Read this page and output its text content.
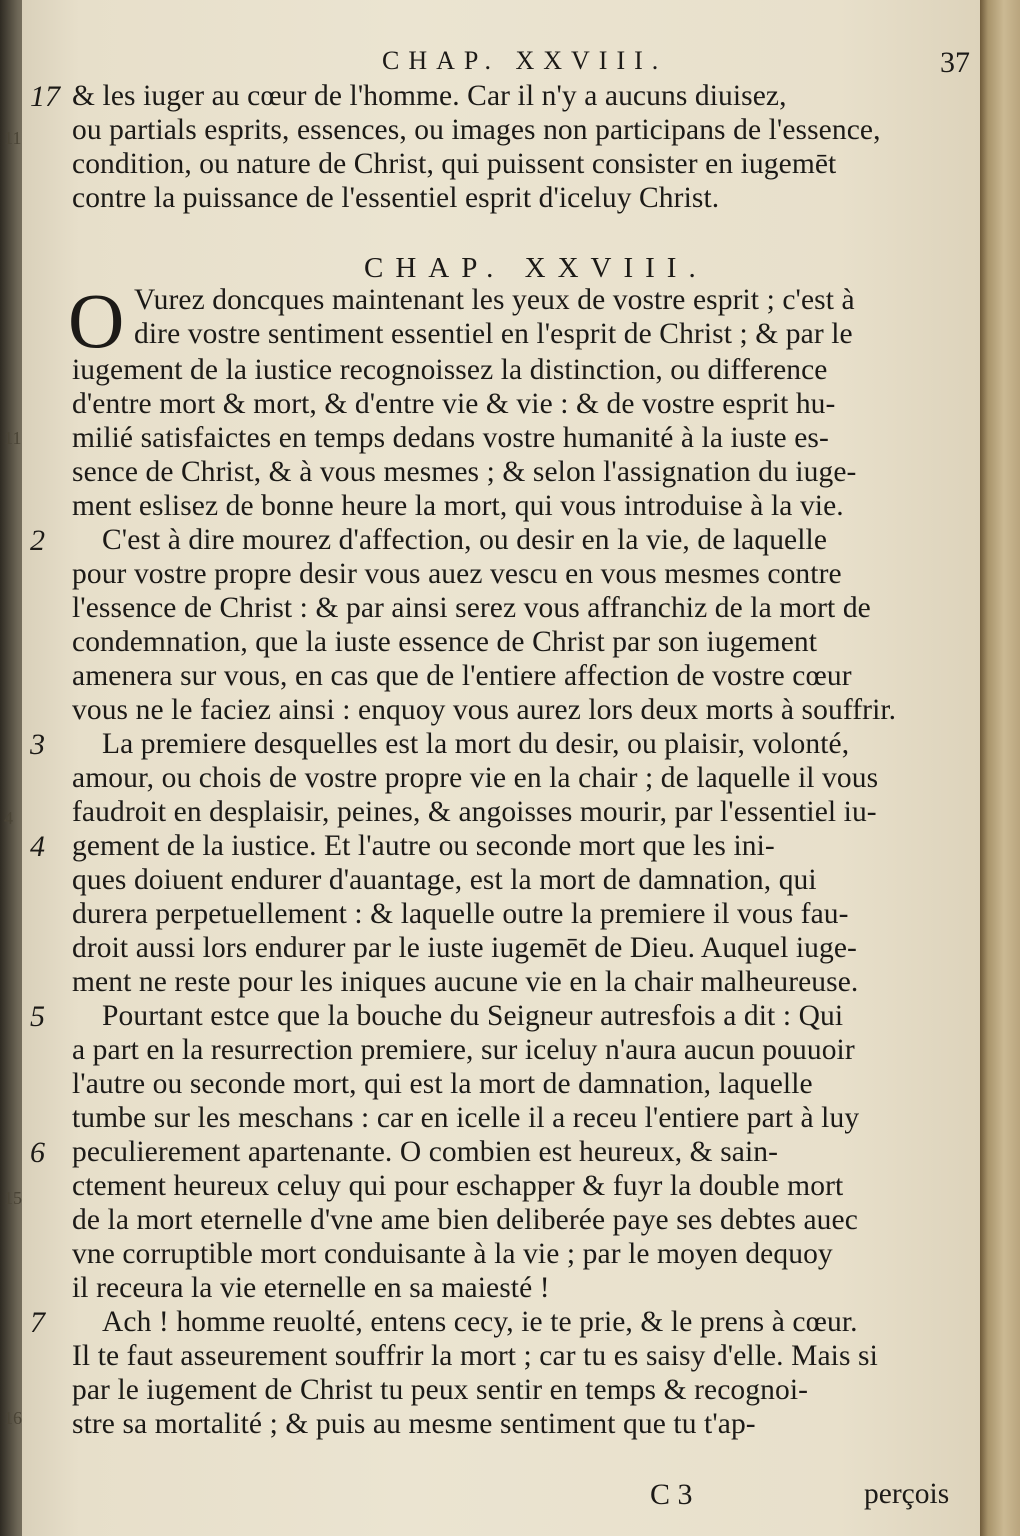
11
11
4
15
16
CHAP. XXVIII.	37
17 & les iuger au cœur de l'homme. Car il n'y a aucuns diuisez,
ou partials esprits, essences, ou images non participans de l'essence,
condition, ou nature de Christ, qui puissent consister en iugemēt
contre la puissance de l'essentiel esprit d'iceluy Christ.
CHAP. XXVIII.
O Vurez doncques maintenant les yeux de vostre esprit ; c'est à
dire vostre sentiment essentiel en l'esprit de Christ ; & par le
iugement de la iustice recognoissez la distinction, ou difference
d'entre mort & mort, & d'entre vie & vie : & de vostre esprit hu-
milié satisfaictes en temps dedans vostre humanité à la iuste es-
sence de Christ, & à vous mesmes ; & selon l'assignation du iuge-
ment eslisez de bonne heure la mort, qui vous introduise à la vie.
2 C'est à dire mourez d'affection, ou desir en la vie, de laquelle
pour vostre propre desir vous auez vescu en vous mesmes contre
l'essence de Christ : & par ainsi serez vous affranchiz de la mort de
condemnation, que la iuste essence de Christ par son iugement
amenera sur vous, en cas que de l'entiere affection de vostre cœur
vous ne le faciez ainsi : enquoy vous aurez lors deux morts à souffrir.
3 La premiere desquelles est la mort du desir, ou plaisir, volonté,
amour, ou chois de vostre propre vie en la chair ; de laquelle il vous
faudroit en desplaisir, peines, & angoisses mourir, par l'essentiel iu-
4 gement de la iustice. Et l'autre ou seconde mort que les ini-
ques doiuent endurer d'auantage, est la mort de damnation, qui
durera perpetuellement : & laquelle outre la premiere il vous fau-
droit aussi lors endurer par le iuste iugemēt de Dieu. Auquel iuge-
ment ne reste pour les iniques aucune vie en la chair malheureuse.
5 Pourtant estce que la bouche du Seigneur autresfois a dit : Qui
a part en la resurrection premiere, sur iceluy n'aura aucun pouuoir
l'autre ou seconde mort, qui est la mort de damnation, laquelle
tumbe sur les meschans : car en icelle il a receu l'entiere part à luy
6 peculierement apartenante. O combien est heureux, & sain-
ctement heureux celuy qui pour eschapper & fuyr la double mort
de la mort eternelle d'vne ame bien deliberée paye ses debtes auec
vne corruptible mort conduisante à la vie ; par le moyen dequoy
il receura la vie eternelle en sa maiesté !
7 Ach ! homme reuolté, entens cecy, ie te prie, & le prens à cœur.
Il te faut asseurement souffrir la mort ; car tu es saisy d'elle. Mais si
par le iugement de Christ tu peux sentir en temps & recognoi-
stre sa mortalité ; & puis au mesme sentiment que tu t'ap-
C 3	perçois
